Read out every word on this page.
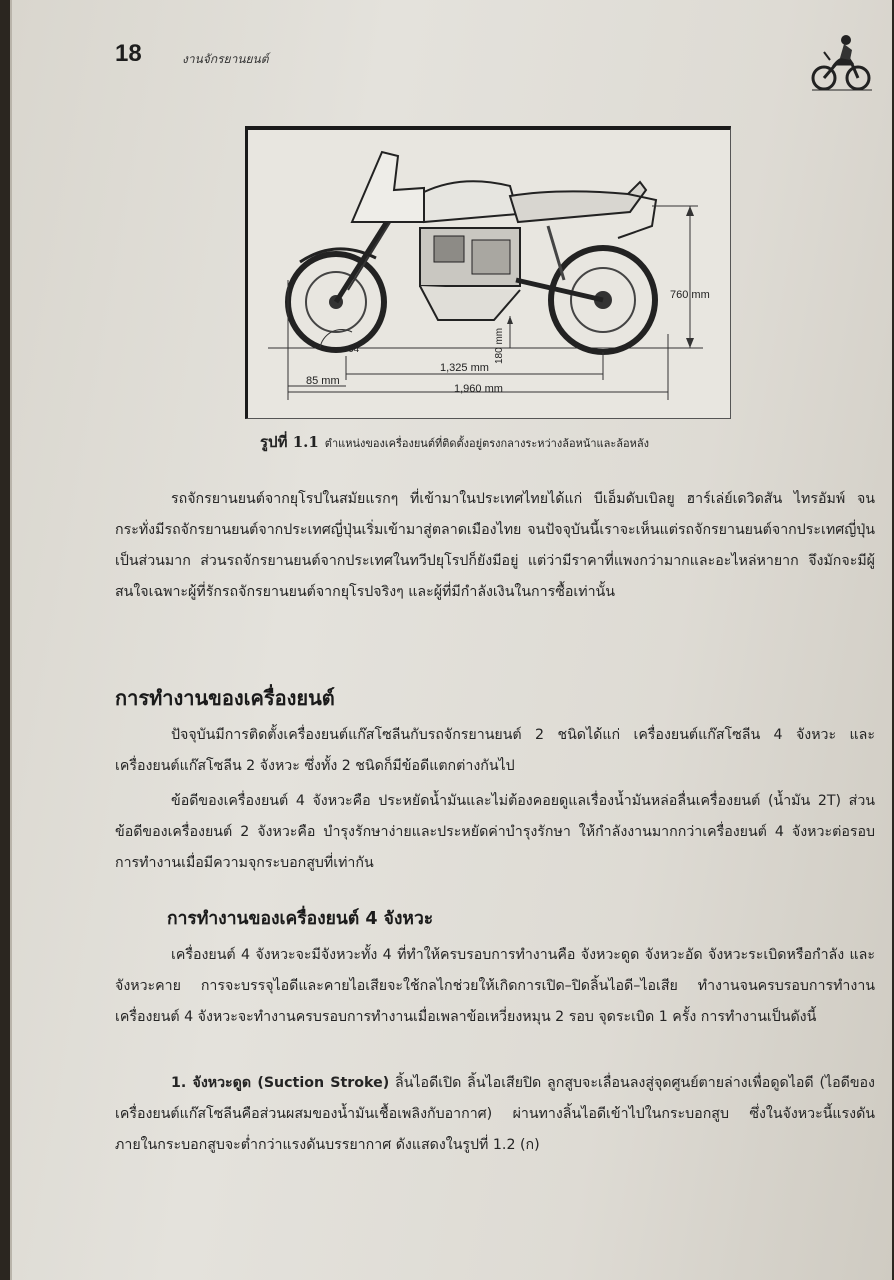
18	งานจักรยานยนต์
760 mm
180 mm
1,325 mm
85 mm
1,960 mm
64
รูปที่ 1.1 ตำแหน่งของเครื่องยนต์ที่ติดตั้งอยู่ตรงกลางระหว่างล้อหน้าและล้อหลัง

รถจักรยานยนต์จากยุโรปในสมัยแรกๆ ที่เข้ามาในประเทศไทยได้แก่ บีเอ็มดับเบิลยู ฮาร์เล่ย์เดวิดสัน ไทรอัมพ์ จนกระทั่งมีรถจักรยานยนต์จากประเทศญี่ปุ่นเริ่มเข้ามาสู่ตลาดเมืองไทย จนปัจจุบันนี้เราจะเห็นแต่รถจักรยานยนต์จากประเทศญี่ปุ่นเป็นส่วนมาก ส่วนรถจักรยานยนต์จากประเทศในทวีปยุโรปก็ยังมีอยู่ แต่ว่ามีราคาที่แพงกว่ามากและอะไหล่หายาก จึงมักจะมีผู้สนใจเฉพาะผู้ที่รักรถจักรยานยนต์จากยุโรปจริงๆ และผู้ที่มีกำลังเงินในการซื้อเท่านั้น

การทำงานของเครื่องยนต์

ปัจจุบันมีการติดตั้งเครื่องยนต์แก๊สโซลีนกับรถจักรยานยนต์ 2 ชนิดได้แก่ เครื่องยนต์แก๊สโซลีน 4 จังหวะ และเครื่องยนต์แก๊สโซลีน 2 จังหวะ ซึ่งทั้ง 2 ชนิดก็มีข้อดีแตกต่างกันไป

ข้อดีของเครื่องยนต์ 4 จังหวะคือ ประหยัดน้ำมันและไม่ต้องคอยดูแลเรื่องน้ำมันหล่อลื่นเครื่องยนต์ (น้ำมัน 2T) ส่วนข้อดีของเครื่องยนต์ 2 จังหวะคือ บำรุงรักษาง่ายและประหยัดค่าบำรุงรักษา ให้กำลังงานมากกว่าเครื่องยนต์ 4 จังหวะต่อรอบการทำงานเมื่อมีความจุกระบอกสูบที่เท่ากัน

การทำงานของเครื่องยนต์ 4 จังหวะ

เครื่องยนต์ 4 จังหวะจะมีจังหวะทั้ง 4 ที่ทำให้ครบรอบการทำงานคือ จังหวะดูด จังหวะอัด จังหวะระเบิดหรือกำลัง และจังหวะคาย การจะบรรจุไอดีและคายไอเสียจะใช้กลไกช่วยให้เกิดการเปิด–ปิดลิ้นไอดี–ไอเสีย ทำงานจนครบรอบการทำงาน เครื่องยนต์ 4 จังหวะจะทำงานครบรอบการทำงานเมื่อเพลาข้อเหวี่ยงหมุน 2 รอบ จุดระเบิด 1 ครั้ง การทำงานเป็นดังนี้

1. จังหวะดูด (Suction Stroke) ลิ้นไอดีเปิด ลิ้นไอเสียปิด ลูกสูบจะเลื่อนลงสู่จุดศูนย์ตายล่างเพื่อดูดไอดี (ไอดีของเครื่องยนต์แก๊สโซลีนคือส่วนผสมของน้ำมันเชื้อเพลิงกับอากาศ) ผ่านทางลิ้นไอดีเข้าไปในกระบอกสูบ ซึ่งในจังหวะนี้แรงดันภายในกระบอกสูบจะต่ำกว่าแรงดันบรรยากาศ ดังแสดงในรูปที่ 1.2 (ก)
